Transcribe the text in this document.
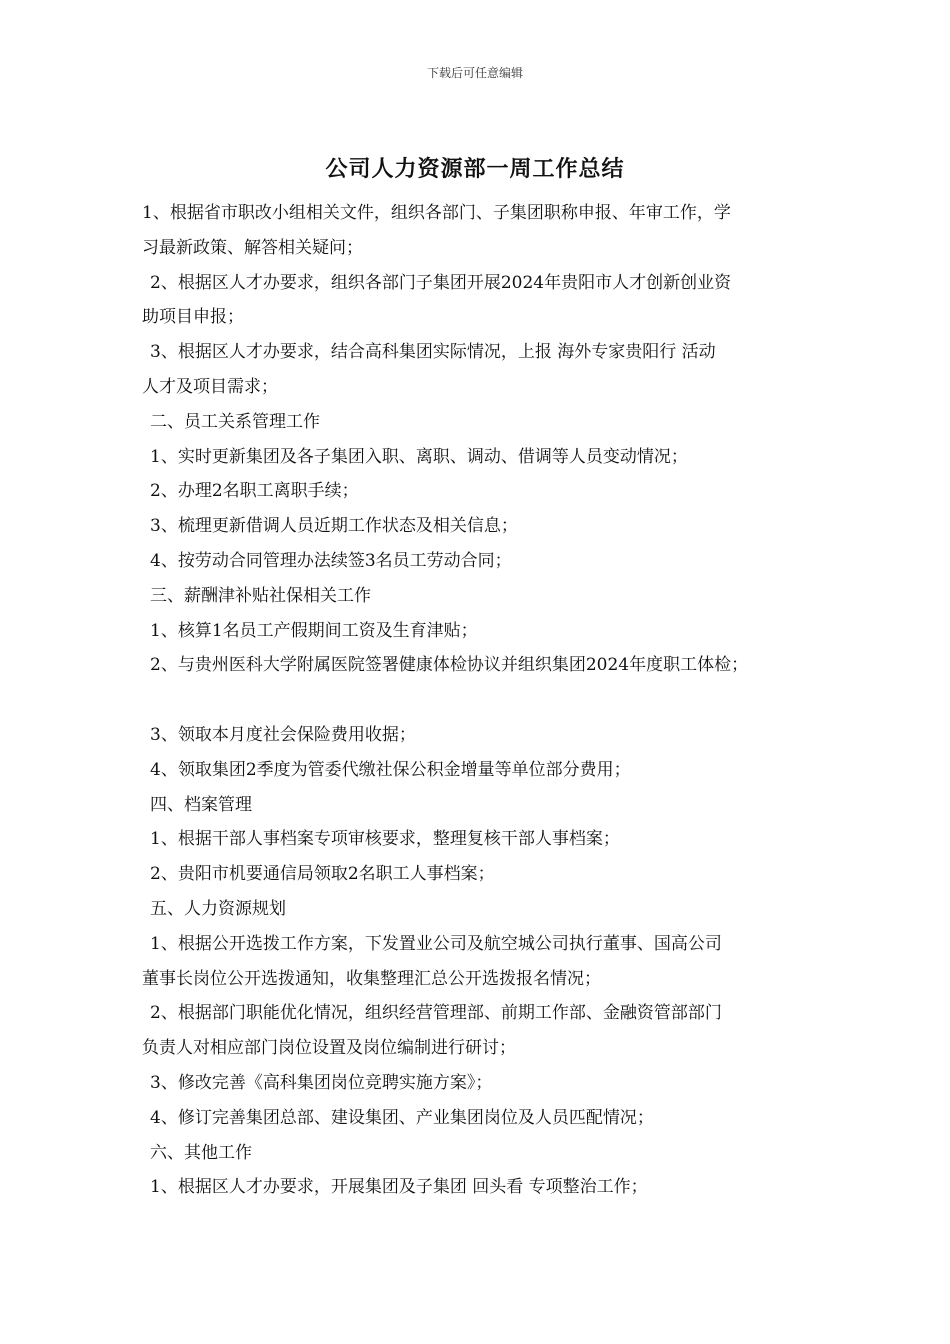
下载后可任意编辑
公司人力资源部一周工作总结

1、根据省市职改小组相关文件，组织各部门、子集团职称申报、年审工作，学

习最新政策、解答相关疑问；

2、根据区人才办要求，组织各部门子集团开展2024年贵阳市人才创新创业资

助项目申报；

3、根据区人才办要求，结合高科集团实际情况，上报 海外专家贵阳行 活动

人才及项目需求；

二、员工关系管理工作

1、实时更新集团及各子集团入职、离职、调动、借调等人员变动情况；

2、办理2名职工离职手续；

3、梳理更新借调人员近期工作状态及相关信息；

4、按劳动合同管理办法续签3名员工劳动合同；

三、薪酬津补贴社保相关工作

1、核算1名员工产假期间工资及生育津贴；

2、与贵州医科大学附属医院签署健康体检协议并组织集团2024年度职工体检；

3、领取本月度社会保险费用收据；

4、领取集团2季度为管委代缴社保公积金增量等单位部分费用；

四、档案管理

1、根据干部人事档案专项审核要求，整理复核干部人事档案；

2、贵阳市机要通信局领取2名职工人事档案；

五、人力资源规划

1、根据公开选拨工作方案，下发置业公司及航空城公司执行董事、国高公司

董事长岗位公开选拨通知，收集整理汇总公开选拨报名情况；

2、根据部门职能优化情况，组织经营管理部、前期工作部、金融资管部部门

负责人对相应部门岗位设置及岗位编制进行研讨；

3、修改完善《高科集团岗位竞聘实施方案》；

4、修订完善集团总部、建设集团、产业集团岗位及人员匹配情况；

六、其他工作

1、根据区人才办要求，开展集团及子集团 回头看 专项整治工作；
